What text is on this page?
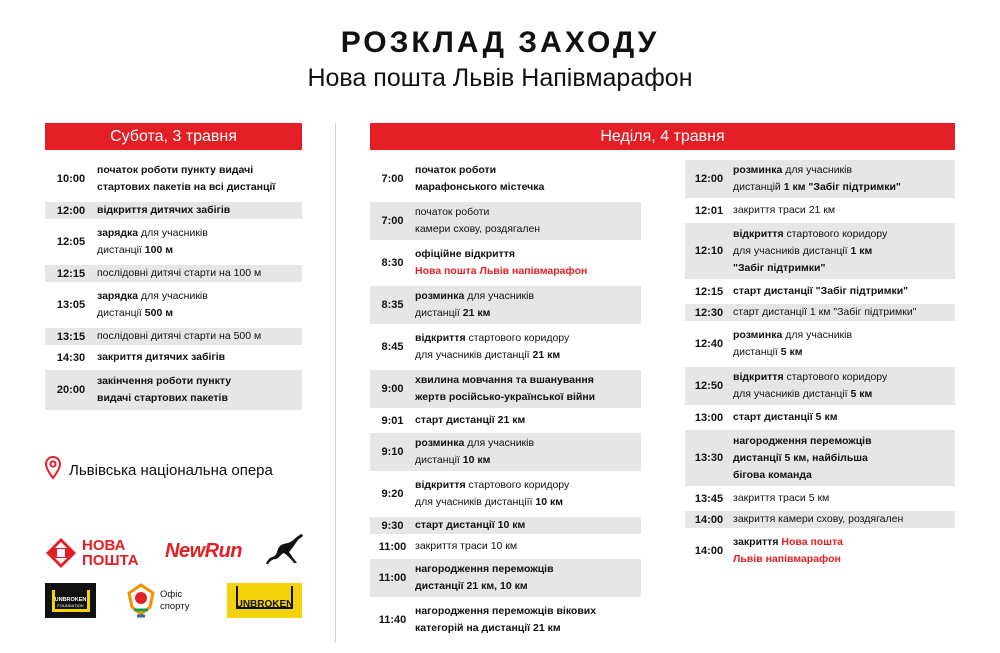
РОЗКЛАД ЗАХОДУ
Нова пошта Львів Напівмарафон
Субота, 3 травня
10:00
початок роботи пункту видачі
стартових пакетів на всі дистанції
12:00	відкриття дитячих забігів
12:05
зарядка для учасників
дистанції 100 м
12:15	послідовні дитячі старти на 100 м
13:05
зарядка для учасників
дистанції 500 м
13:15	послідовні дитячі старти на 500 м
14:30	закриття дитячих забігів
20:00
закінчення роботи пункту
видачі стартових пакетів
Неділя, 4 травня
7:00
початок роботи
марафонського містечка
7:00
початок роботи
камери схову, роздягален
8:30
офіційне відкриття
Нова пошта Львів напівмарафон
8:35
розминка для учасників
дистанції 21 км
8:45
відкриття стартового коридору
для учасників дистанції 21 км
9:00
хвилина мовчання та вшанування
жертв російсько-української війни
9:01	старт дистанції 21 км
9:10
розминка для учасників
дистанції 10 км
9:20
відкриття стартового коридору
для учасників дистанціїї 10 км
9:30	старт дистанції 10 км
11:00 закриття траси 10 км
11:00
нагородження переможців
дистанції 21 км, 10 км
11:40
нагородження переможців вікових
категорій на дистанції 21 км
12:00
розминка для учасників
дистанцій 1 км "Забіг підтримки"
12:01 закриття траси 21 км
12:10
відкриття стартового коридору
для учасників дистанції 1 км
"Забіг підтримки"
12:15 старт дистанції "Забіг підтримки"
12:30 старт дистанції 1 км "Забіг підтримки"
12:40
розминка для учасників
дистанції 5 км
12:50
відкриття стартового коридору
для учасників дистанції 5 км
13:00 старт дистанції 5 км
13:30
нагородження переможців
дистанції 5 км, найбільша
бігова команда
13:45 закриття траси 5 км
14:00 закриття камери схову, роздягален
14:00
закриття Нова пошта
Львів напівмарафон
Львівська національна опера
НОВА
ПОШТА NewRun
UNBROKEN
FOUNDATION
Офіс
спорту	UNBROKEN
